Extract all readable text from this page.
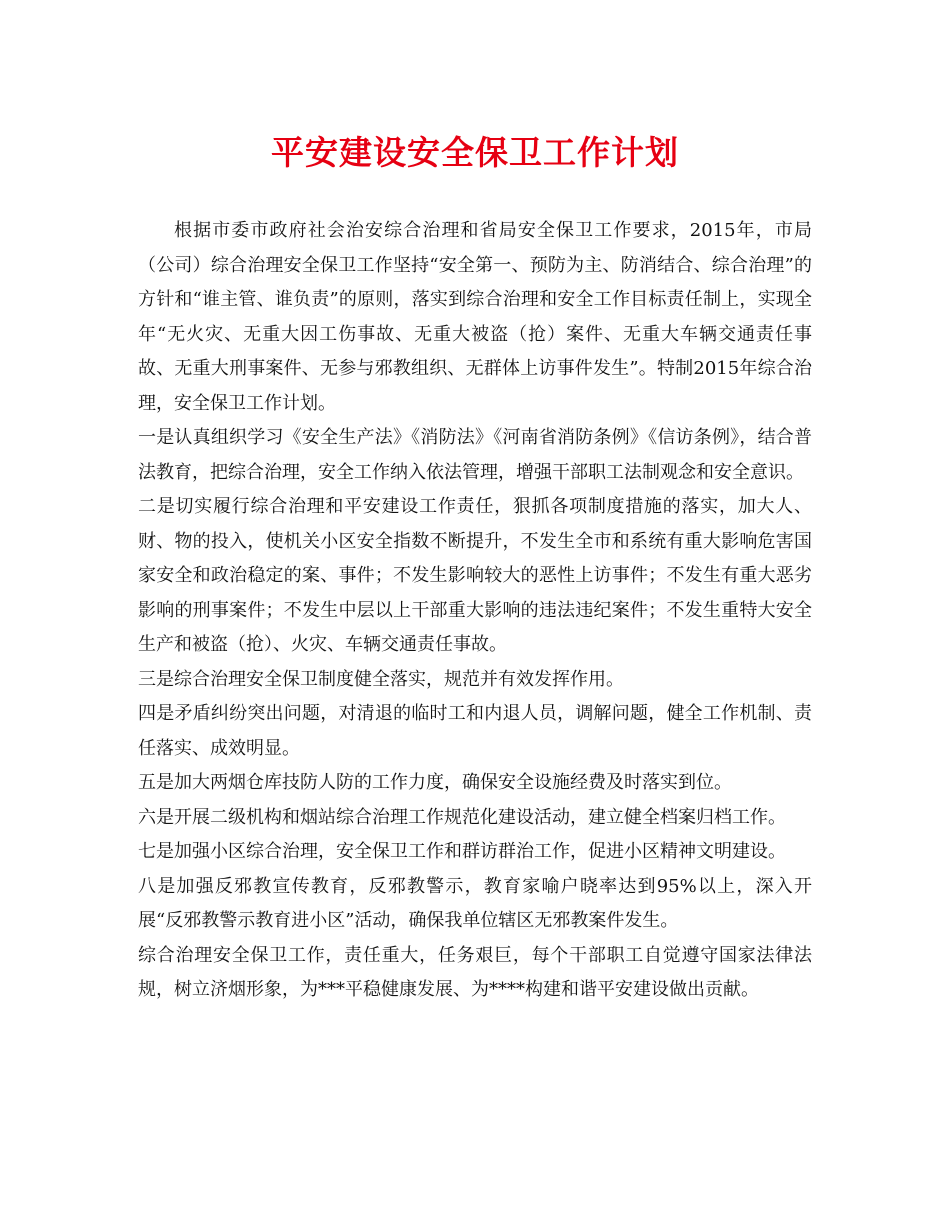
平安建设安全保卫工作计划

根据市委市政府社会治安综合治理和省局安全保卫工作要求，2015年，市局（公司）综合治理安全保卫工作坚持“安全第一、预防为主、防消结合、综合治理”的方针和“谁主管、谁负责”的原则，落实到综合治理和安全工作目标责任制上，实现全年“无火灾、无重大因工伤事故、无重大被盗（抢）案件、无重大车辆交通责任事故、无重大刑事案件、无参与邪教组织、无群体上访事件发生”。特制2015年综合治理，安全保卫工作计划。

一是认真组织学习《安全生产法》《消防法》《河南省消防条例》《信访条例》，结合普法教育，把综合治理，安全工作纳入依法管理，增强干部职工法制观念和安全意识。

二是切实履行综合治理和平安建设工作责任，狠抓各项制度措施的落实，加大人、财、物的投入，使机关小区安全指数不断提升，不发生全市和系统有重大影响危害国家安全和政治稳定的案、事件；不发生影响较大的恶性上访事件；不发生有重大恶劣影响的刑事案件；不发生中层以上干部重大影响的违法违纪案件；不发生重特大安全生产和被盗（抢）、火灾、车辆交通责任事故。

三是综合治理安全保卫制度健全落实，规范并有效发挥作用。

四是矛盾纠纷突出问题，对清退的临时工和内退人员，调解问题，健全工作机制、责任落实、成效明显。

五是加大两烟仓库技防人防的工作力度，确保安全设施经费及时落实到位。

六是开展二级机构和烟站综合治理工作规范化建设活动，建立健全档案归档工作。

七是加强小区综合治理，安全保卫工作和群访群治工作，促进小区精神文明建设。

八是加强反邪教宣传教育，反邪教警示，教育家喻户晓率达到95%以上，深入开展“反邪教警示教育进小区”活动，确保我单位辖区无邪教案件发生。

综合治理安全保卫工作，责任重大，任务艰巨，每个干部职工自觉遵守国家法律法规，树立济烟形象，为***平稳健康发展、为****构建和谐平安建设做出贡献。
